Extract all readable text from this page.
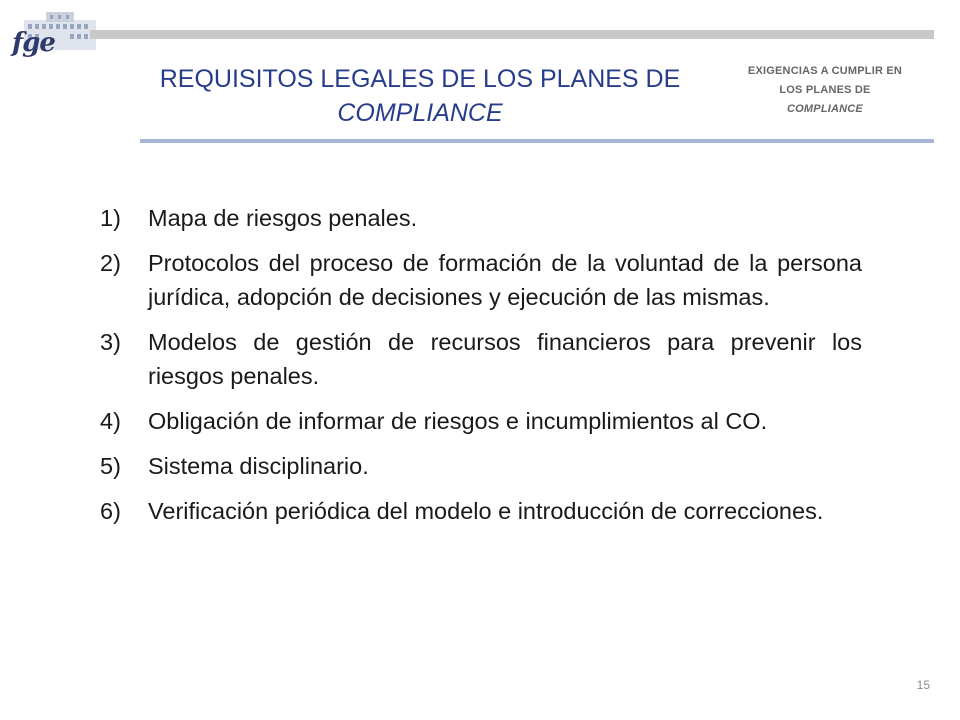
fge
REQUISITOS LEGALES DE LOS PLANES DE
COMPLIANCE
EXIGENCIAS A CUMPLIR EN
LOS PLANES DE
COMPLIANCE
1)	Mapa de riesgos penales.
2)	Protocolos del proceso de formación de la voluntad de la persona jurídica, adopción de decisiones y ejecución de las mismas.
3)	Modelos de gestión de recursos financieros para prevenir los riesgos penales.
4)	Obligación de informar de riesgos e incumplimientos al CO.
5)	Sistema disciplinario.
6)	Verificación periódica del modelo e introducción de correcciones.
15
